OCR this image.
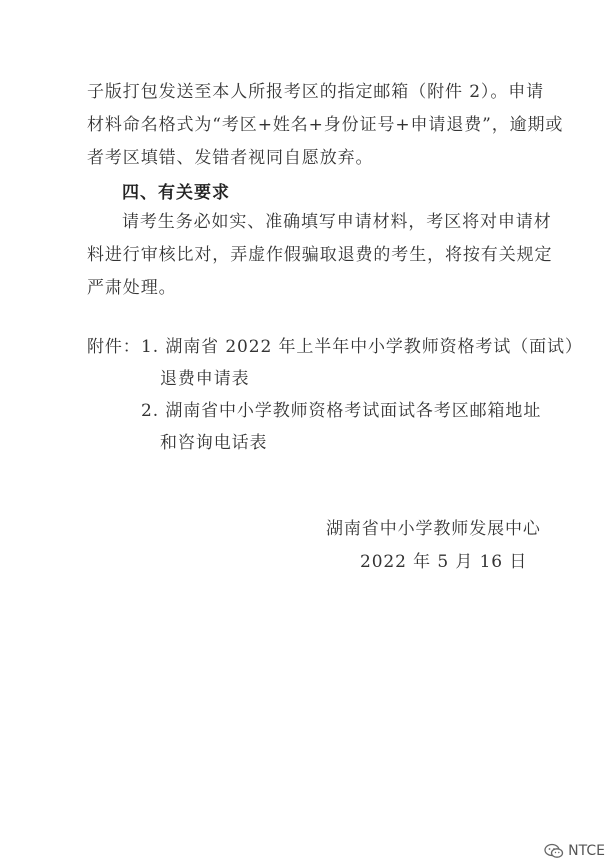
子版打包发送至本人所报考区的指定邮箱（附件 2）。申请
材料命名格式为“考区+姓名+身份证号+申请退费”，逾期或
者考区填错、发错者视同自愿放弃。
四、有关要求
请考生务必如实、准确填写申请材料，考区将对申请材
料进行审核比对，弄虚作假骗取退费的考生，将按有关规定
严肃处理。
附件： 1. 湖南省 2022 年上半年中小学教师资格考试（面试）
退费申请表
2. 湖南省中小学教师资格考试面试各考区邮箱地址
和咨询电话表
湖南省中小学教师发展中心
2022 年 5 月 16 日
NTCE
